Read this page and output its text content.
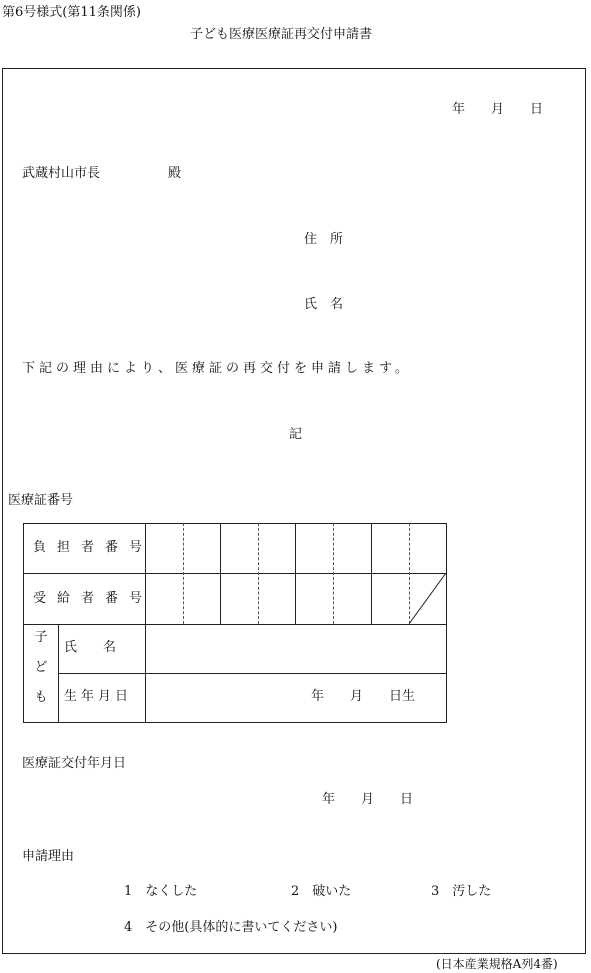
第6号様式(第11条関係)
子ども医療医療証再交付申請書
年　　月　　日
武蔵村山市長	殿
住　所
氏　名
下記の理由により、医療証の再交付を申請します。
記
医療証番号
負担者番号
受給者番号
子
ど
も
氏　　名
生年月日	年　　月　　日生
医療証交付年月日
年　　月　　日
申請理由
1　 なくした	2　 破いた	3　 汚した
4　 その他(具体的に書いてください)
(日本産業規格A列4番)
